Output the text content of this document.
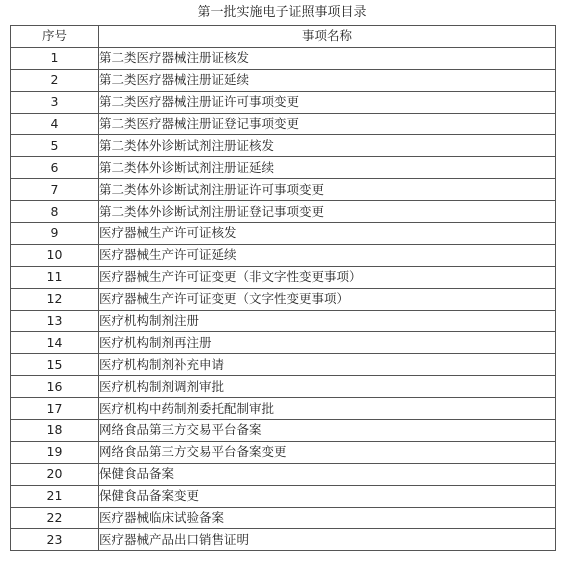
第一批实施电子证照事项目录
序号	事项名称
1	第二类医疗器械注册证核发
2	第二类医疗器械注册证延续
3	第二类医疗器械注册证许可事项变更
4	第二类医疗器械注册证登记事项变更
5	第二类体外诊断试剂注册证核发
6	第二类体外诊断试剂注册证延续
7	第二类体外诊断试剂注册证许可事项变更
8	第二类体外诊断试剂注册证登记事项变更
9	医疗器械生产许可证核发
10	医疗器械生产许可证延续
11	医疗器械生产许可证变更（非文字性变更事项）
12	医疗器械生产许可证变更（文字性变更事项）
13	医疗机构制剂注册
14	医疗机构制剂再注册
15	医疗机构制剂补充申请
16	医疗机构制剂调剂审批
17	医疗机构中药制剂委托配制审批
18	网络食品第三方交易平台备案
19	网络食品第三方交易平台备案变更
20	保健食品备案
21	保健食品备案变更
22	医疗器械临床试验备案
23	医疗器械产品出口销售证明
